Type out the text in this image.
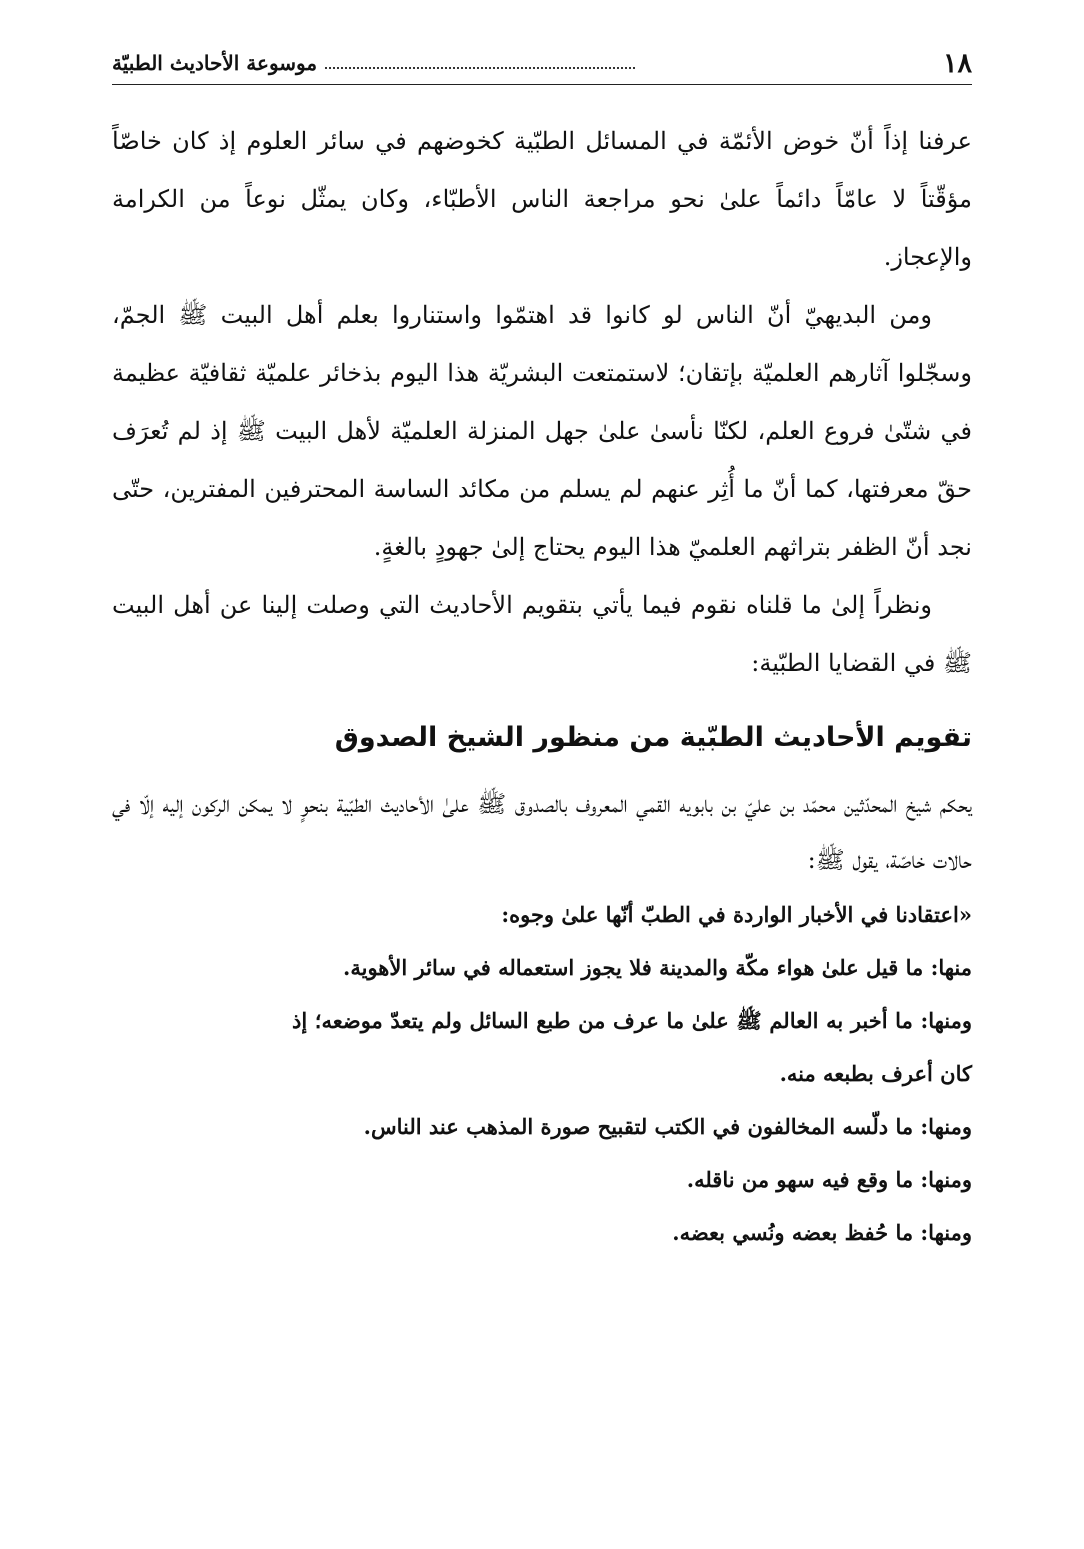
١٨
موسوعة الأحاديث الطبيّة

عرفنا إذاً أنّ خوض الأئمّة في المسائل الطبّية كخوضهم في سائر العلوم إذ كان خاصّاً مؤقّتاً لا عامّاً دائماً علىٰ نحو مراجعة الناس الأطبّاء، وكان يمثّل نوعاً من الكرامة والإعجاز.

ومن البديهيّ أنّ الناس لو كانوا قد اهتمّوا واستناروا بعلم أهل البيت ﷺ الجمّ، وسجّلوا آثارهم العلميّة بإتقان؛ لاستمتعت البشريّة هذا اليوم بذخائر علميّة ثقافيّة عظيمة في شتّىٰ فروع العلم، لكنّا نأسىٰ علىٰ جهل المنزلة العلميّة لأهل البيت ﷺ إذ لم تُعرَف حقّ معرفتها، كما أنّ ما أُثِر عنهم لم يسلم من مكائد الساسة المحترفين المفترين، حتّى نجد أنّ الظفر بتراثهم العلميّ هذا اليوم يحتاج إلىٰ جهودٍ بالغةٍ.

ونظراً إلىٰ ما قلناه نقوم فيما يأتي بتقويم الأحاديث التي وصلت إلينا عن أهل البيت ﷺ في القضايا الطبّية:

تقويم الأحاديث الطبّية من منظور الشيخ الصدوق

يحكم شيخ المحدّثين محمّد بن عليّ بن بابويه القمي المعروف بالصدوق ﷺ علىٰ الأحاديث الطبّية بنحوٍ لا يمكن الركون إليه إلّا في حالات خاصّة، يقول ﷺ:

«اعتقادنا في الأخبار الواردة في الطبّ أنّها علىٰ وجوه:

منها: ما قيل علىٰ هواء مكّة والمدينة فلا يجوز استعماله في سائر الأهوية.

ومنها: ما أخبر به العالم ﷺ علىٰ ما عرف من طبع السائل ولم يتعدّ موضعه؛ إذ كان أعرف بطبعه منه.

ومنها: ما دلّسه المخالفون في الكتب لتقبيح صورة المذهب عند الناس.

ومنها: ما وقع فيه سهو من ناقله.

ومنها: ما حُفظ بعضه ونُسي بعضه.
